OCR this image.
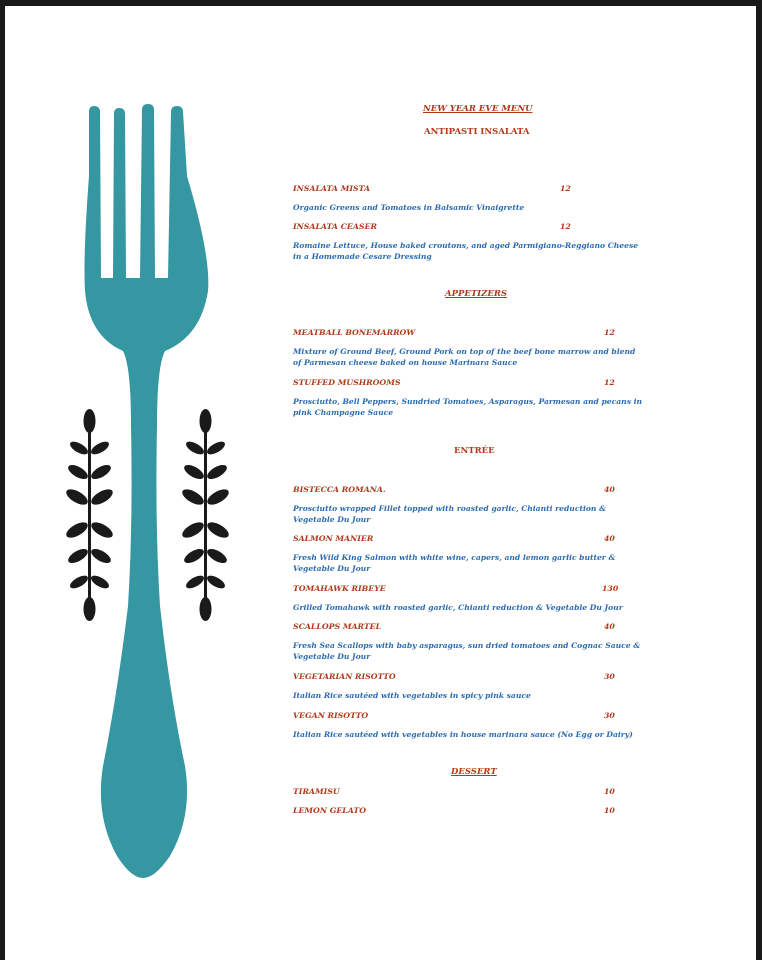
NEW YEAR EVE MENU
ANTIPASTI INSALATA
INSALATA MISTA	12
Organic Greens and Tomatoes in Balsamic Vinaigrette
INSALATA CEASER	12
Romaine Lettuce, House baked croutons, and aged Parmigiano-Reggiano Cheese in a Homemade Cesare Dressing
APPETIZERS
MEATBALL BONEMARROW	12
Mixture of Ground Beef, Ground Pork on top of the beef bone marrow and blend of Parmesan cheese baked on house Marinara Sauce
STUFFED MUSHROOMS	12
Prosciutto, Bell Peppers, Sundried Tomatoes, Asparagus, Parmesan and pecans in pink Champagne Sauce
ENTRÉE
BISTECCA ROMANA.	40
Prosciutto wrapped Fillet topped with roasted garlic, Chianti reduction & Vegetable Du Jour
SALMON MANIER	40
Fresh Wild King Salmon with white wine, capers, and lemon garlic butter & Vegetable Du Jour
TOMAHAWK RIBEYE	130
Grilled Tomahawk with roasted garlic, Chianti reduction & Vegetable Du Jour
SCALLOPS MARTEL	40
Fresh Sea Scallops with baby asparagus, sun dried tomatoes and Cognac Sauce & Vegetable Du Jour
VEGETARIAN RISOTTO	30
Italian Rice sautéed with vegetables in spicy pink sauce
VEGAN RISOTTO	30
Italian Rice sautéed with vegetables in house marinara sauce (No Egg or Dairy)
DESSERT
TIRAMISU	10
LEMON GELATO	10
